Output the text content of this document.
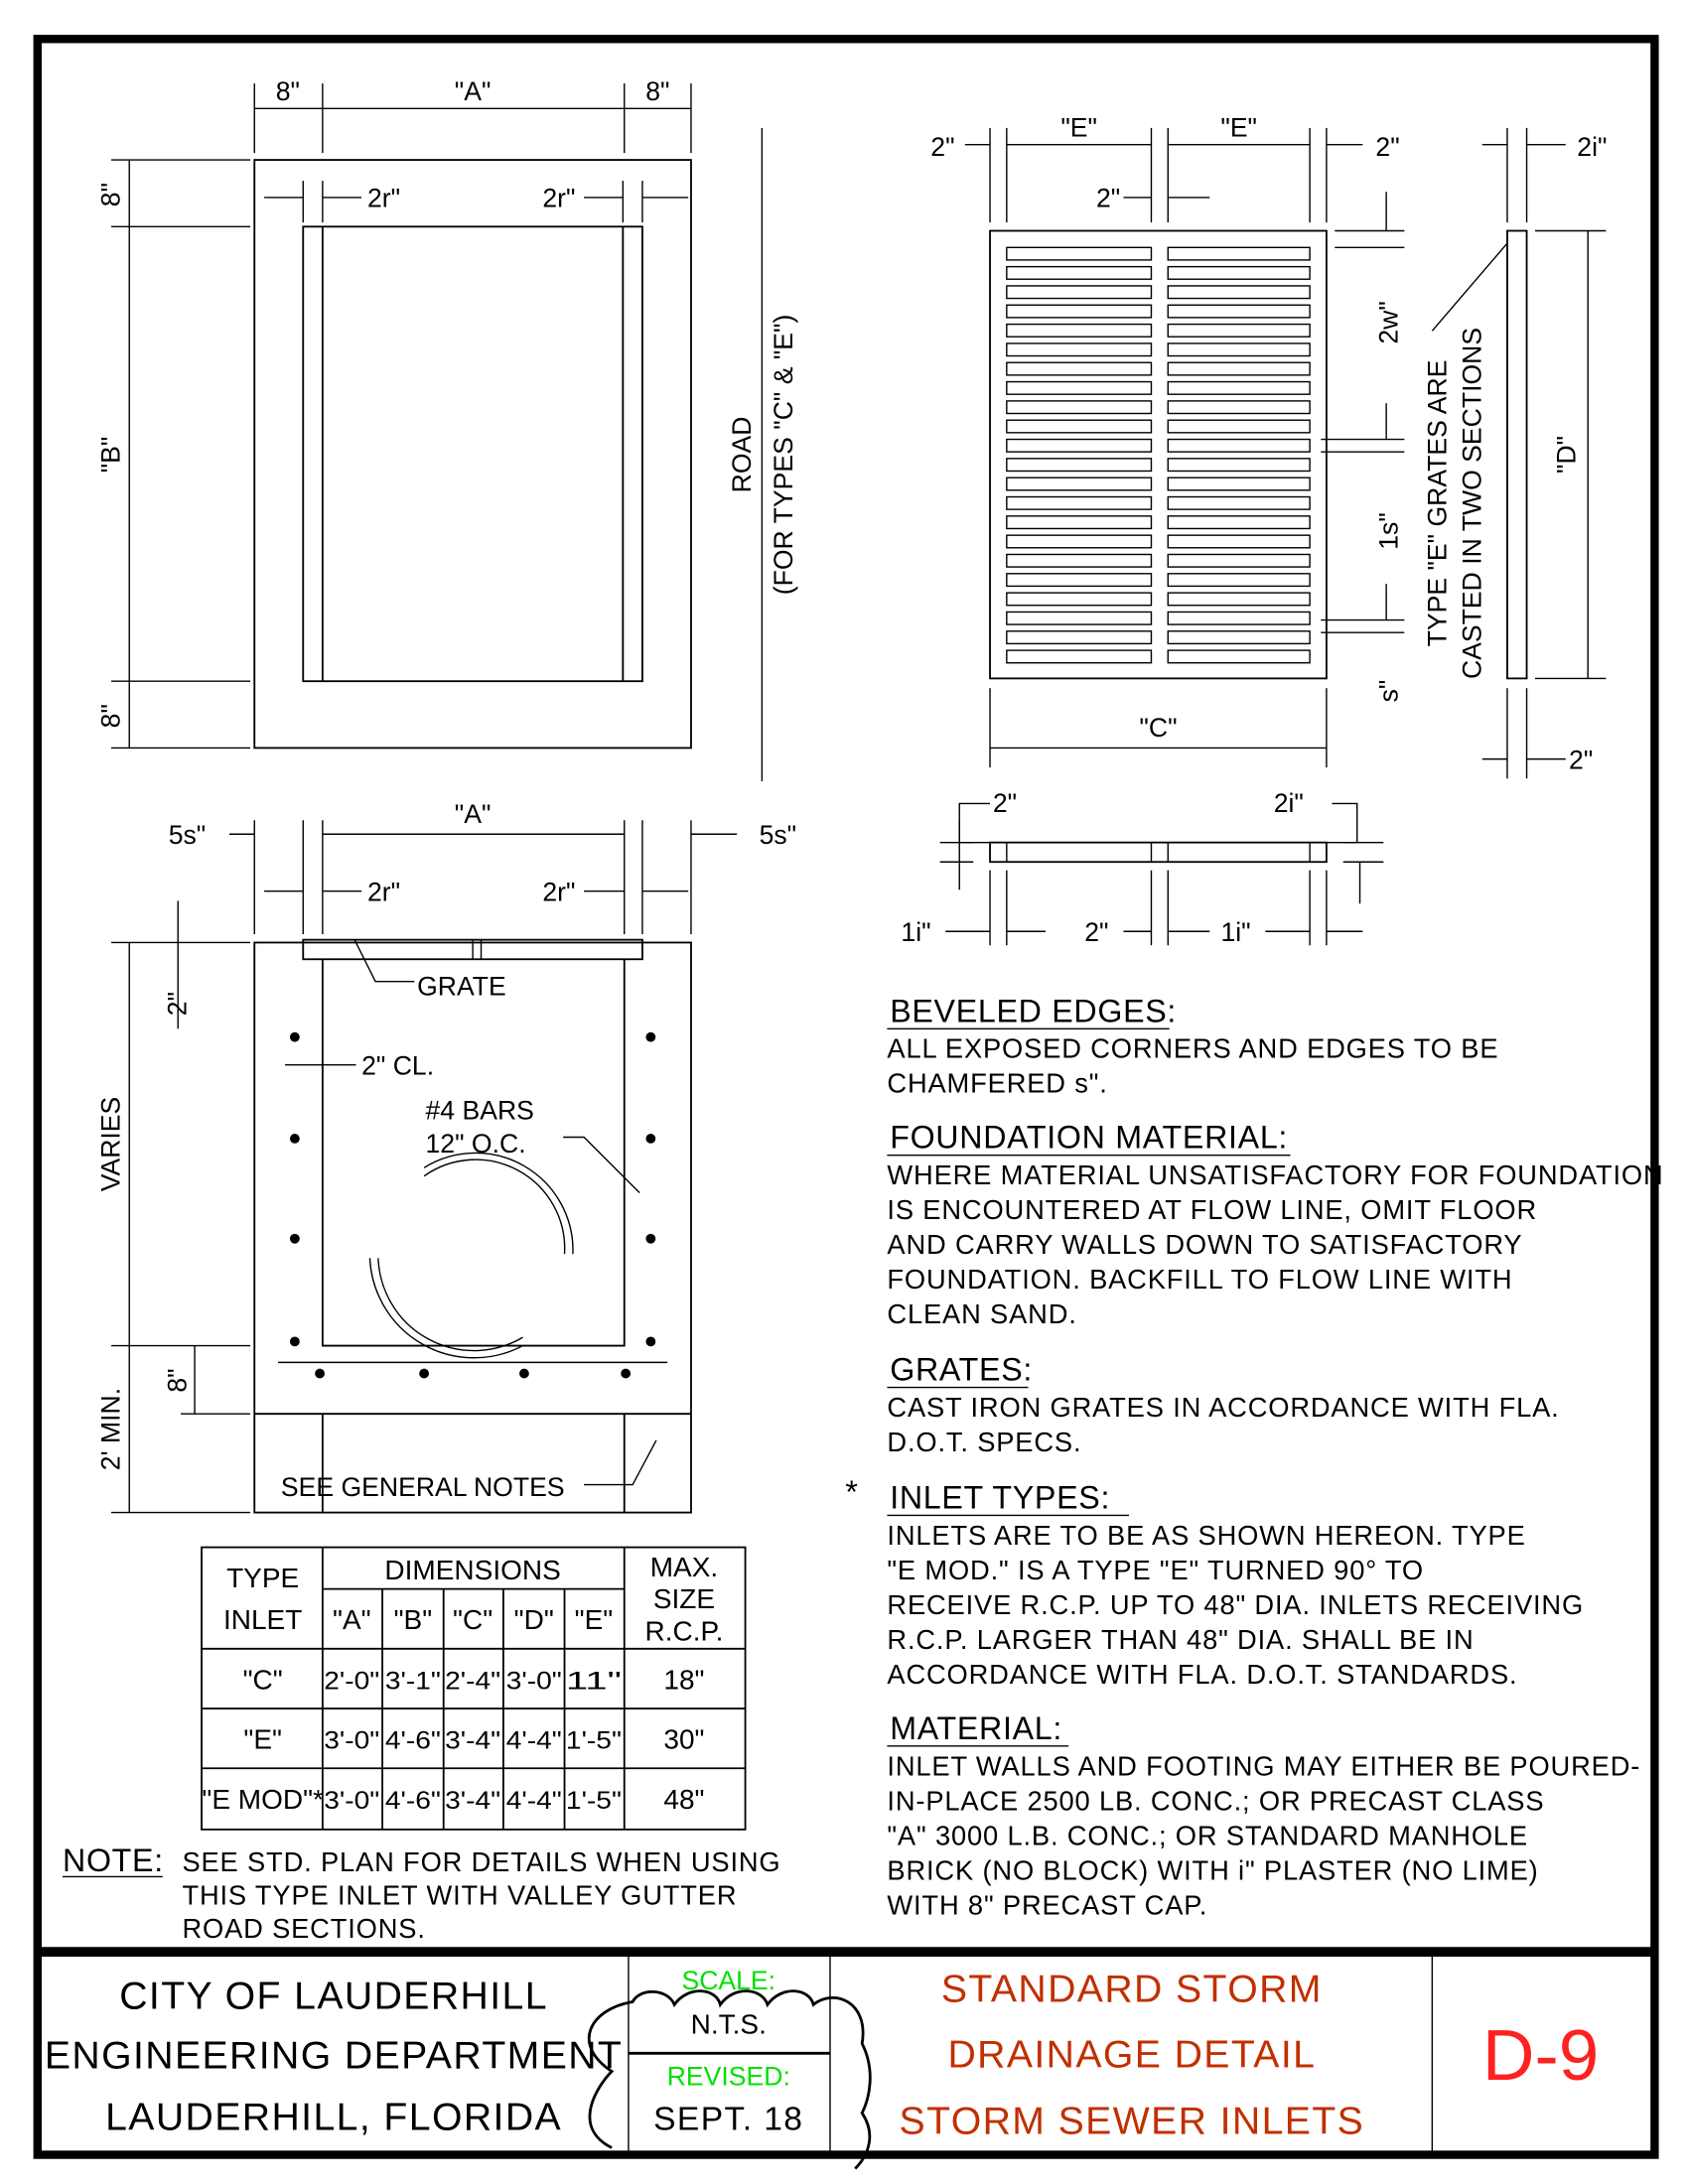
8"	"A"	8"
2r"	2r"
8"
"B"
8"
ROAD (FOR TYPES "C" & "E")
5s"	5s"
"A"
2r"	2r"
2"
VARIES
8"
2' MIN.
GRATE
2" CL.
#4 BARS
12" O.C.
SEE GENERAL NOTES
2"
"E"	"E"
2"
2"
2w"
1s"
s"
"C"
2i"
"D"
2"
TYPE "E" GRATES ARE CASTED IN TWO SECTIONS
2"	2i"
1i"	2"	1i"
BEVELED EDGES:
ALL EXPOSED CORNERS AND EDGES TO BE
CHAMFERED s".
FOUNDATION MATERIAL:
WHERE MATERIAL UNSATISFACTORY FOR FOUNDATION
IS ENCOUNTERED AT FLOW LINE, OMIT FLOOR
AND CARRY WALLS DOWN TO SATISFACTORY
FOUNDATION. BACKFILL TO FLOW LINE WITH
CLEAN SAND.
GRATES:
CAST IRON GRATES IN ACCORDANCE WITH FLA.
D.O.T. SPECS.
INLET TYPES:
*
INLETS ARE TO BE AS SHOWN HEREON. TYPE
"E MOD." IS A TYPE "E" TURNED 90° TO
RECEIVE R.C.P. UP TO 48" DIA. INLETS RECEIVING
R.C.P. LARGER THAN 48" DIA. SHALL BE IN
ACCORDANCE WITH FLA. D.O.T. STANDARDS.
MATERIAL:
INLET WALLS AND FOOTING MAY EITHER BE POURED-
IN-PLACE 2500 LB. CONC.; OR PRECAST CLASS
"A" 3000 L.B. CONC.; OR STANDARD MANHOLE
BRICK (NO BLOCK) WITH i" PLASTER (NO LIME)
WITH 8" PRECAST CAP.
TYPE
INLET
DIMENSIONS	MAX.
SIZE
R.C.P.
"A" "B" "C" "D" "E"
"C" 2'-0" 3'-1" 2'-4" 3'-0" 11" 18"
"E" 3'-0" 4'-6" 3'-4" 4'-4" 1'-5" 30"
"E MOD"* 3'-0" 4'-6" 3'-4" 4'-4" 1'-5" 48"
NOTE: SEE STD. PLAN FOR DETAILS WHEN USING
THIS TYPE INLET WITH VALLEY GUTTER
ROAD SECTIONS.
CITY OF LAUDERHILL
ENGINEERING DEPARTMENT
LAUDERHILL, FLORIDA
SCALE:
N.T.S.
REVISED:
SEPT. 18
STANDARD STORM
DRAINAGE DETAIL
STORM SEWER INLETS
D-9
